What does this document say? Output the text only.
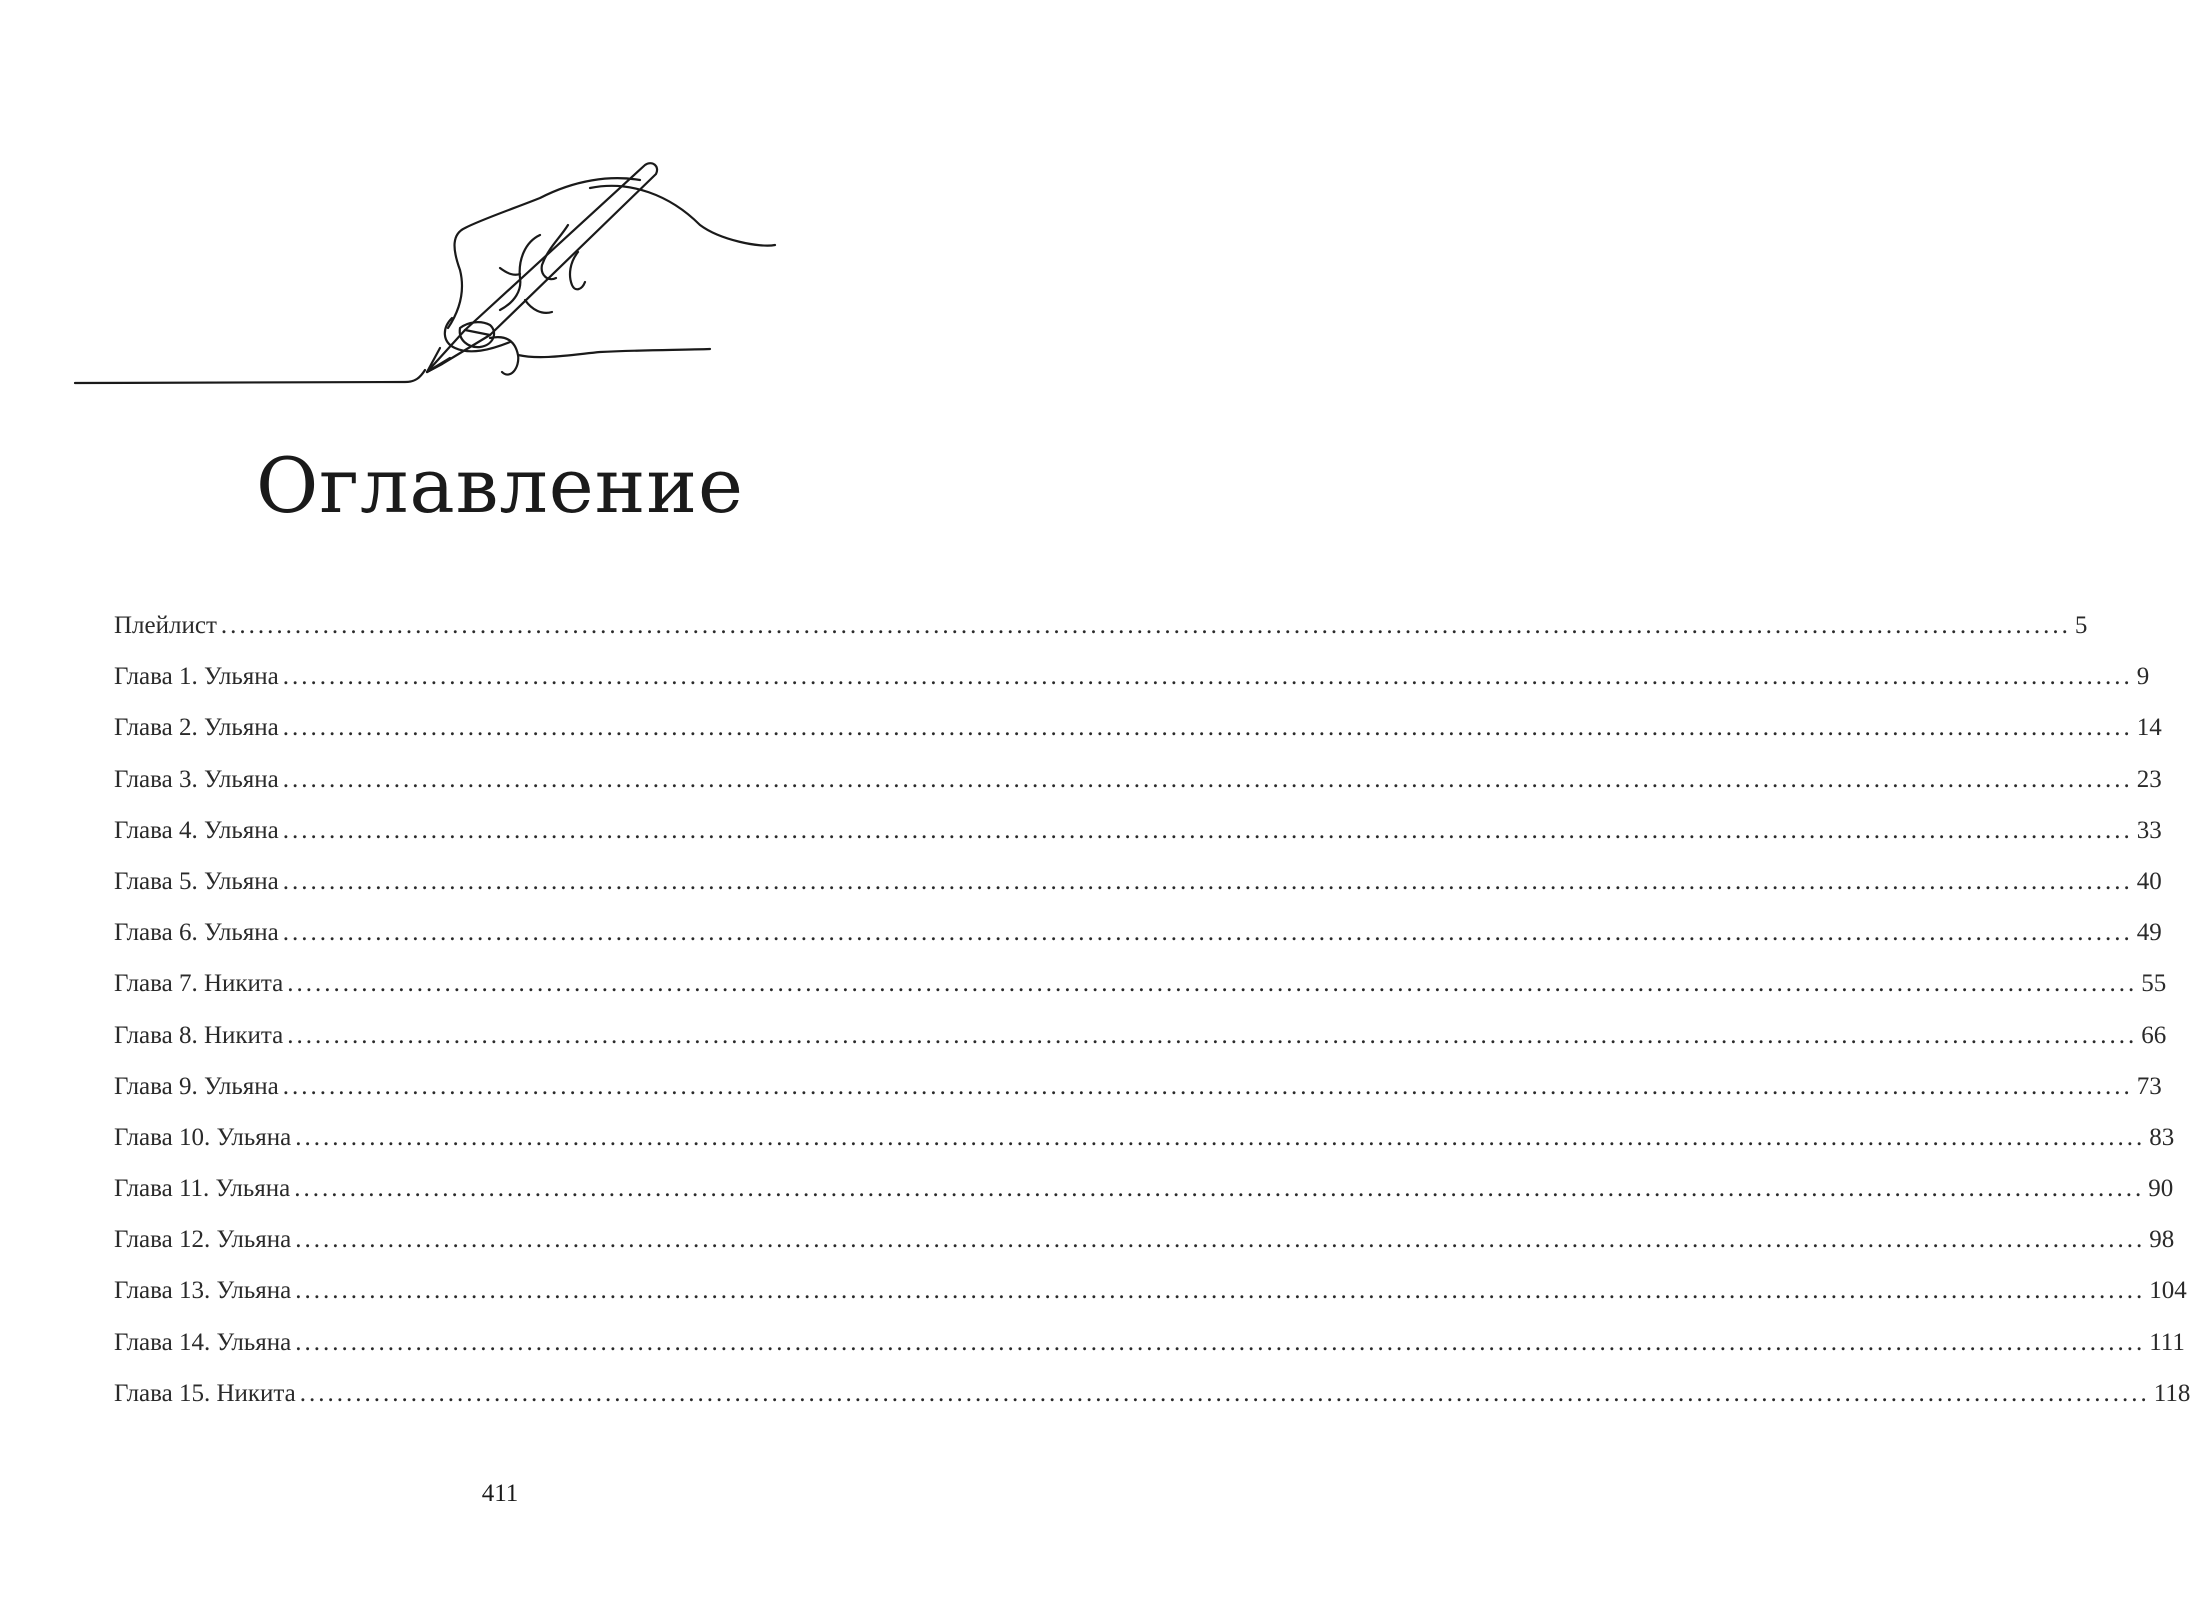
Оглавление
Плейлист ........................................................................................................................................................................................................ 5
Глава 1. Ульяна ........................................................................................................................................................................................................ 9
Глава 2. Ульяна ........................................................................................................................................................................................................ 14
Глава 3. Ульяна ........................................................................................................................................................................................................ 23
Глава 4. Ульяна ........................................................................................................................................................................................................ 33
Глава 5. Ульяна ........................................................................................................................................................................................................ 40
Глава 6. Ульяна ........................................................................................................................................................................................................ 49
Глава 7. Никита ........................................................................................................................................................................................................ 55
Глава 8. Никита ........................................................................................................................................................................................................ 66
Глава 9. Ульяна ........................................................................................................................................................................................................ 73
Глава 10. Ульяна ........................................................................................................................................................................................................ 83
Глава 11. Ульяна ........................................................................................................................................................................................................ 90
Глава 12. Ульяна ........................................................................................................................................................................................................ 98
Глава 13. Ульяна ........................................................................................................................................................................................................ 104
Глава 14. Ульяна ........................................................................................................................................................................................................ 111
Глава 15. Никита ........................................................................................................................................................................................................ 118
411
